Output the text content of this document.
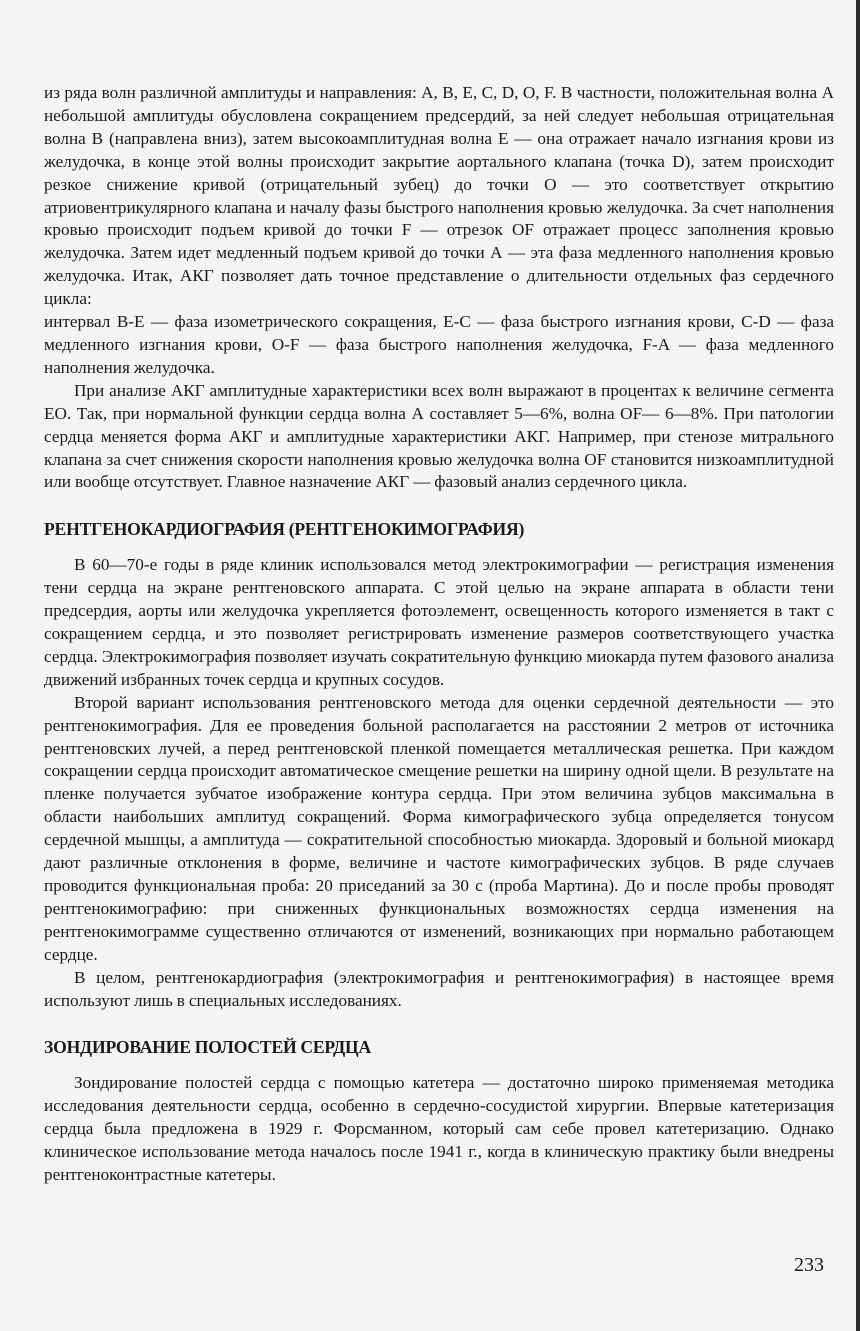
из ряда волн различной амплитуды и направления: A, B, E, C, D, O, F. В частности, положительная волна А небольшой амплитуды обусловлена сокращением предсердий, за ней следует небольшая отрицательная волна В (направлена вниз), затем высокоамплитудная волна Е — она отражает начало изгнания крови из желудочка, в конце этой волны происходит закрытие аортального клапана (точка D), затем происходит резкое снижение кривой (отрицательный зубец) до точки О — это соответствует открытию атриовентрикулярного клапана и началу фазы быстрого наполнения кровью желудочка. За счет наполнения кровью происходит подъем кривой до точки F — отрезок OF отражает процесс заполнения кровью желудочка. Затем идет медленный подъем кривой до точки А — эта фаза медленного наполнения кровью желудочка. Итак, АКГ позволяет дать точное представление о длительности отдельных фаз сердечного цикла:

интервал B-E — фаза изометрического сокращения, E-C — фаза быстрого изгнания крови, C-D — фаза медленного изгнания крови, O-F — фаза быстрого наполнения желудочка, F-A — фаза медленного наполнения желудочка.

При анализе АКГ амплитудные характеристики всех волн выражают в процентах к величине сегмента ЕО. Так, при нормальной функции сердца волна А составляет 5—6%, волна OF— 6—8%. При патологии сердца меняется форма АКГ и амплитудные характеристики АКГ. Например, при стенозе митрального клапана за счет снижения скорости наполнения кровью желудочка волна OF становится низкоамплитудной или вообще отсутствует. Главное назначение АКГ — фазовый анализ сердечного цикла.

РЕНТГЕНОКАРДИОГРАФИЯ (РЕНТГЕНОКИМОГРАФИЯ)

В 60—70-е годы в ряде клиник использовался метод электрокимографии — регистрация изменения тени сердца на экране рентгеновского аппарата. С этой целью на экране аппарата в области тени предсердия, аорты или желудочка укрепляется фотоэлемент, освещенность которого изменяется в такт с сокращением сердца, и это позволяет регистрировать изменение размеров соответствующего участка сердца. Электрокимография позволяет изучать сократительную функцию миокарда путем фазового анализа движений избранных точек сердца и крупных сосудов.

Второй вариант использования рентгеновского метода для оценки сердечной деятельности — это рентгенокимография. Для ее проведения больной располагается на расстоянии 2 метров от источника рентгеновских лучей, а перед рентгеновской пленкой помещается металлическая решетка. При каждом сокращении сердца происходит автоматическое смещение решетки на ширину одной щели. В результате на пленке получается зубчатое изображение контура сердца. При этом величина зубцов максимальна в области наибольших амплитуд сокращений. Форма кимографического зубца определяется тонусом сердечной мышцы, а амплитуда — сократительной способностью миокарда. Здоровый и больной миокард дают различные отклонения в форме, величине и частоте кимографических зубцов. В ряде случаев проводится функциональная проба: 20 приседаний за 30 с (проба Мартина). До и после пробы проводят рентгенокимографию: при сниженных функциональных возможностях сердца изменения на рентгенокимограмме существенно отличаются от изменений, возникающих при нормально работающем сердце.

В целом, рентгенокардиография (электрокимография и рентгенокимография) в настоящее время используют лишь в специальных исследованиях.

ЗОНДИРОВАНИЕ ПОЛОСТЕЙ СЕРДЦА

Зондирование полостей сердца с помощью катетера — достаточно широко применяемая методика исследования деятельности сердца, особенно в сердечно-сосудистой хирургии. Впервые катетеризация сердца была предложена в 1929 г. Форсманном, который сам себе провел катетеризацию. Однако клиническое использование метода началось после 1941 г., когда в клиническую практику были внедрены рентгеноконтрастные катетеры.

233
